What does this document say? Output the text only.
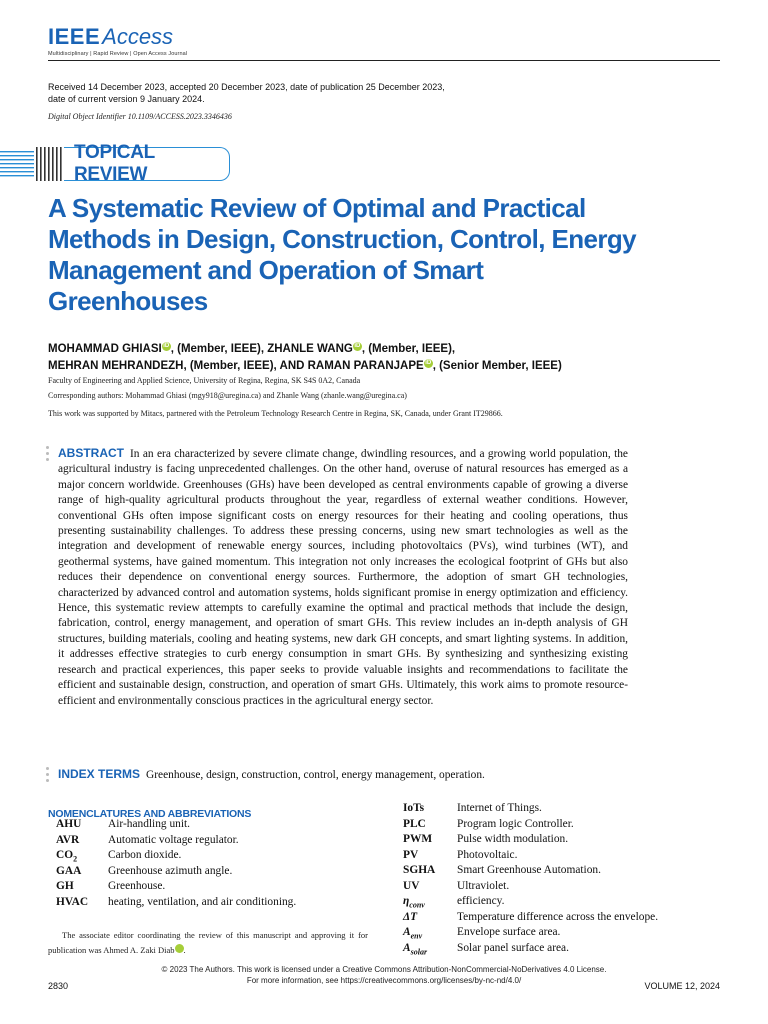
IEEE Access
Multidisciplinary | Rapid Review | Open Access Journal
Received 14 December 2023, accepted 20 December 2023, date of publication 25 December 2023,
date of current version 9 January 2024.
Digital Object Identifier 10.1109/ACCESS.2023.3346436
TOPICAL REVIEW
A Systematic Review of Optimal and Practical Methods in Design, Construction, Control, Energy Management and Operation of Smart Greenhouses
MOHAMMAD GHIASI iD , (Member, IEEE), ZHANLE WANG iD , (Member, IEEE),
MEHRAN MEHRANDEZH, (Member, IEEE), AND RAMAN PARANJAPE iD , (Senior Member, IEEE)
Faculty of Engineering and Applied Science, University of Regina, Regina, SK S4S 0A2, Canada
Corresponding authors: Mohammad Ghiasi (mgy918@uregina.ca) and Zhanle Wang (zhanle.wang@uregina.ca)
This work was supported by Mitacs, partnered with the Petroleum Technology Research Centre in Regina, SK, Canada, under Grant IT29866.
ABSTRACT In an era characterized by severe climate change, dwindling resources, and a growing world population, the agricultural industry is facing unprecedented challenges. On the other hand, overuse of natural resources has emerged as a major concern worldwide. Greenhouses (GHs) have been developed as central environments capable of growing a diverse range of high-quality agricultural products throughout the year, regardless of external weather conditions. However, conventional GHs often impose significant costs on energy resources for their heating and cooling operations, thus presenting sustainability challenges. To address these pressing concerns, using new smart technologies as well as the integration and development of renewable energy sources, including photovoltaics (PVs), wind turbines (WT), and geothermal systems, have gained momentum. This integration not only increases the ecological footprint of GHs but also reduces their dependence on conventional energy sources. Furthermore, the adoption of smart GH technologies, characterized by advanced control and automation systems, holds significant promise in energy optimization and efficiency. Hence, this systematic review attempts to carefully examine the optimal and practical methods that include the design, fabrication, control, energy management, and operation of smart GHs. This review includes an in-depth analysis of GH structures, building materials, cooling and heating systems, new dark GH concepts, and smart lighting systems. In addition, it addresses effective strategies to curb energy consumption in smart GHs. By synthesizing and synthesizing existing research and practical experiences, this paper seeks to provide valuable insights and recommendations to facilitate the efficient and sustainable design, construction, and operation of smart GHs. Ultimately, this work aims to promote resource-efficient and environmentally conscious practices in the agricultural energy sector.
INDEX TERMS Greenhouse, design, construction, control, energy management, operation.
NOMENCLATURES AND ABBREVIATIONS
AHU	Air-handling unit.
AVR	Automatic voltage regulator.
$CO_2$	Carbon dioxide.
GAA	Greenhouse azimuth angle.
GH	Greenhouse.
HVAC	heating, ventilation, and air conditioning.
IoTs	Internet of Things.
PLC	Program logic Controller.
PWM	Pulse width modulation.
PV	Photovoltaic.
SGHA	Smart Greenhouse Automation.
UV	Ultraviolet.
$\eta_{conv}$	efficiency.
ΔT	Temperature difference across the envelope.
$A_{env}$	Envelope surface area.
$A_{solar}$	Solar panel surface area.
The associate editor coordinating the review of this manuscript and approving it for publication was Ahmed A. Zaki Diab iD.
© 2023 The Authors. This work is licensed under a Creative Commons Attribution-NonCommercial-NoDerivatives 4.0 License.
For more information, see https://creativecommons.org/licenses/by-nc-nd/4.0/
2830	VOLUME 12, 2024
